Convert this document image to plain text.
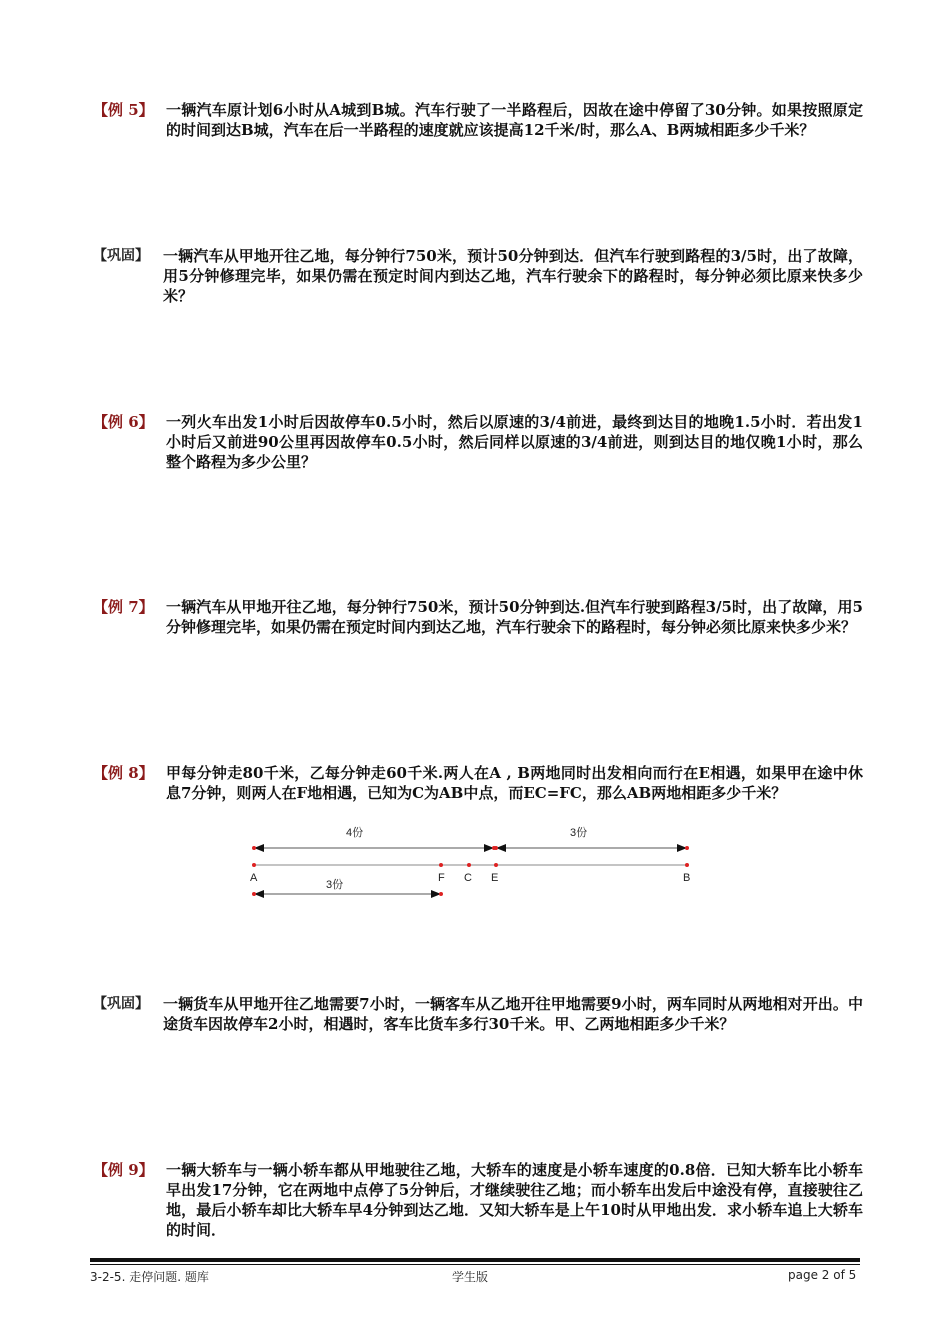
【例 5】 一辆汽车原计划6小时从A城到B城。汽车行驶了一半路程后，因故在途中停留了30分钟。如果按照原定的时间到达B城，汽车在后一半路程的速度就应该提高12千米/时，那么A、B两城相距多少千米？
【巩固】 一辆汽车从甲地开往乙地，每分钟行750米，预计50分钟到达．但汽车行驶到路程的3/5时，出了故障，用5分钟修理完毕，如果仍需在预定时间内到达乙地，汽车行驶余下的路程时，每分钟必须比原来快多少米？
【例 6】 一列火车出发1小时后因故停车0.5小时，然后以原速的3/4前进，最终到达目的地晚1.5小时．若出发1小时后又前进90公里再因故停车0.5小时，然后同样以原速的3/4前进，则到达目的地仅晚1小时，那么整个路程为多少公里？
【例 7】 一辆汽车从甲地开往乙地，每分钟行750米，预计50分钟到达.但汽车行驶到路程3/5时，出了故障，用5分钟修理完毕，如果仍需在预定时间内到达乙地，汽车行驶余下的路程时，每分钟必须比原来快多少米？
【例 8】 甲每分钟走80千米，乙每分钟走60千米.两人在A , B两地同时出发相向而行在E相遇，如果甲在途中休息7分钟，则两人在F地相遇，已知为C为AB中点，而EC=FC，那么AB两地相距多少千米？
4份	3份
A	F C E	B
3份
【巩固】 一辆货车从甲地开往乙地需要7小时，一辆客车从乙地开往甲地需要9小时，两车同时从两地相对开出。中途货车因故停车2小时，相遇时，客车比货车多行30千米。甲、乙两地相距多少千米？
【例 9】 一辆大轿车与一辆小轿车都从甲地驶往乙地，大轿车的速度是小轿车速度的0.8倍．已知大轿车比小轿车早出发17分钟，它在两地中点停了5分钟后，才继续驶往乙地；而小轿车出发后中途没有停，直接驶往乙地，最后小轿车却比大轿车早4分钟到达乙地．又知大轿车是上午10时从甲地出发．求小轿车追上大轿车的时间．
3-2-5. 走停问题. 题库	学生版	page 2 of 5
